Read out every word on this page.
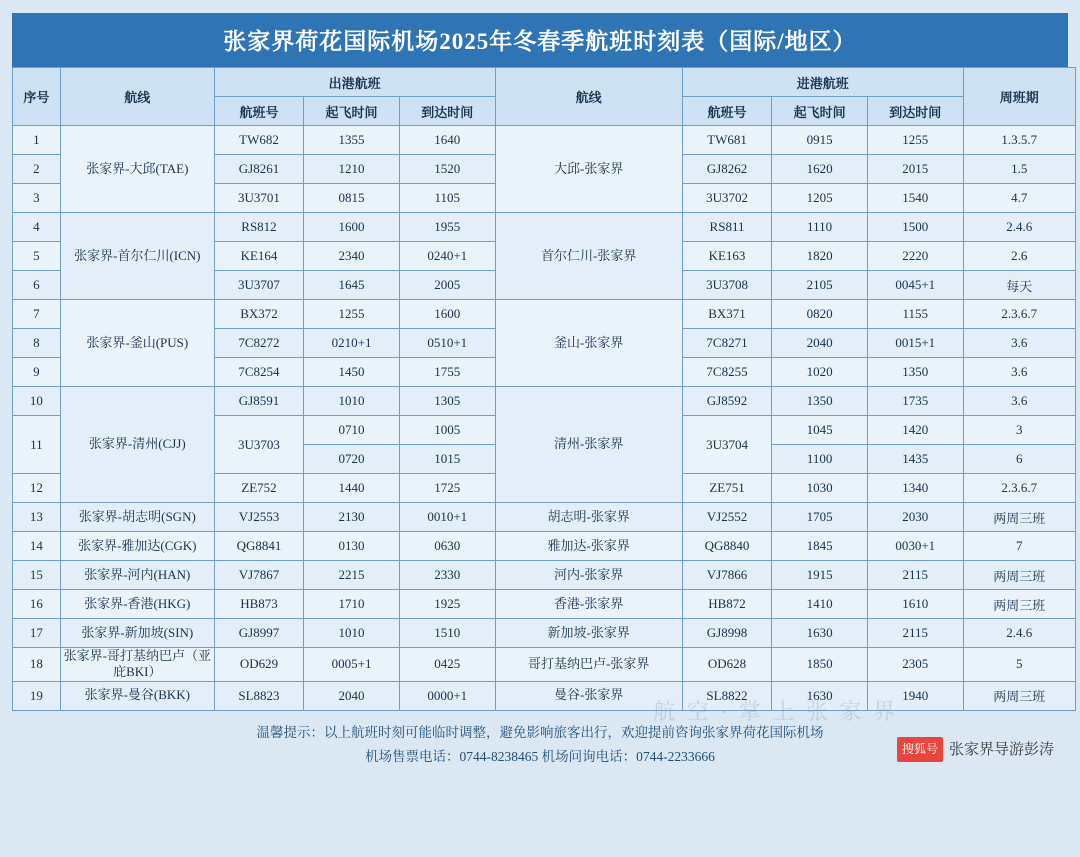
张家界荷花国际机场2025年冬春季航班时刻表（国际/地区）
序号	航线	出港航班			航线	进港航班			周班期
		航班号	起飞时间	到达时间		航班号	起飞时间	到达时间	
1	张家界-大邱(TAE)	TW682	1355	1640	大邱-张家界	TW681	0915	1255	1.3.5.7
2		GJ8261	1210	1520		GJ8262	1620	2015	1.5
3		3U3701	0815	1105		3U3702	1205	1540	4.7
4	张家界-首尔仁川(ICN)	RS812	1600	1955	首尔仁川-张家界	RS811	1110	1500	2.4.6
5		KE164	2340	0240+1		KE163	1820	2220	2.6
6		3U3707	1645	2005		3U3708	2105	0045+1	每天
7	张家界-釜山(PUS)	BX372	1255	1600	釜山-张家界	BX371	0820	1155	2.3.6.7
8		7C8272	0210+1	0510+1		7C8271	2040	0015+1	3.6
9		7C8254	1450	1755		7C8255	1020	1350	3.6
10	张家界-清州(CJJ)	GJ8591	1010	1305	清州-张家界	GJ8592	1350	1735	3.6
11		3U3703	0710	1005		3U3704	1045	1420	3
			0720	1015			1100	1435	6
12		ZE752	1440	1725		ZE751	1030	1340	2.3.6.7
13	张家界-胡志明(SGN)	VJ2553	2130	0010+1	胡志明-张家界	VJ2552	1705	2030	两周三班
14	张家界-雅加达(CGK)	QG8841	0130	0630	雅加达-张家界	QG8840	1845	0030+1	7
15	张家界-河内(HAN)	VJ7867	2215	2330	河内-张家界	VJ7866	1915	2115	两周三班
16	张家界-香港(HKG)	HB873	1710	1925	香港-张家界	HB872	1410	1610	两周三班
17	张家界-新加坡(SIN)	GJ8997	1010	1510	新加坡-张家界	GJ8998	1630	2115	2.4.6
18	张家界-哥打基纳巴卢（亚庇BKI）	OD629	0005+1	0425	哥打基纳巴卢-张家界	OD628	1850	2305	5
19	张家界-曼谷(BKK)	SL8823	2040	0000+1	曼谷-张家界	SL8822	1630	1940	两周三班
温馨提示：以上航班时刻可能临时调整，避免影响旅客出行，欢迎提前咨询张家界荷花国际机场
机场售票电话：0744-8238465 机场问询电话：0744-2233666
航 空 · 掌 上 张 家 界
搜狐号 张家界导游彭涛
